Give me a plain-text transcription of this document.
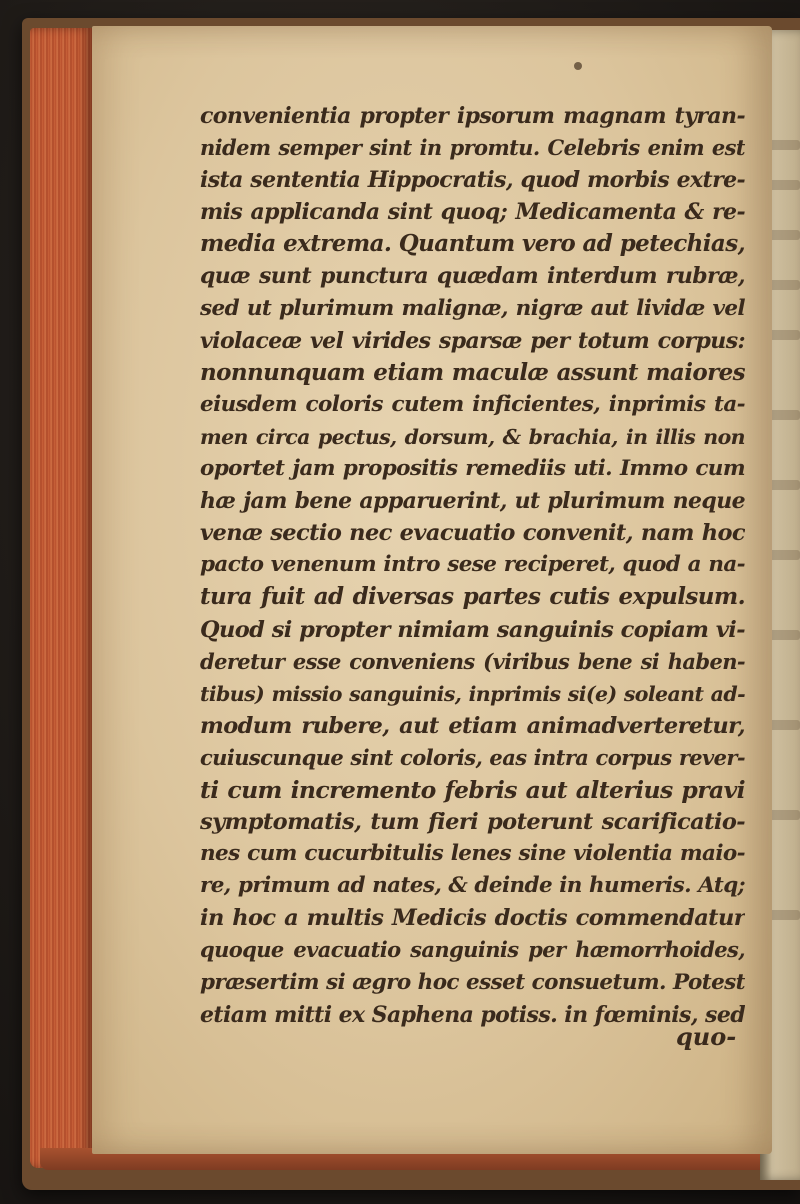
convenientia propter ipsorum magnam tyran-
nidem semper sint in promtu. Celebris enim est
ista sententia Hippocratis, quod morbis extre-
mis applicanda sint quoq; Medicamenta & re-
media extrema. Quantum vero ad petechias,
quæ sunt punctura quædam interdum rubræ,
sed ut plurimum malignæ, nigræ aut lividæ vel
violaceæ vel virides sparsæ per totum corpus:
nonnunquam etiam maculæ assunt maiores
eiusdem coloris cutem inficientes, inprimis ta-
men circa pectus, dorsum, & brachia, in illis non
oportet jam propositis remediis uti. Immo cum
hæ jam bene apparuerint, ut plurimum neque
venæ sectio nec evacuatio convenit, nam hoc
pacto venenum intro sese reciperet, quod a na-
tura fuit ad diversas partes cutis expulsum.
Quod si propter nimiam sanguinis copiam vi-
deretur esse conveniens (viribus bene si haben-
tibus) missio sanguinis, inprimis si(e) soleant ad-
modum rubere, aut etiam animadverteretur,
cuiuscunque sint coloris, eas intra corpus rever-
ti cum incremento febris aut alterius pravi
symptomatis, tum fieri poterunt scarificatio-
nes cum cucurbitulis lenes sine violentia maio-
re, primum ad nates, & deinde in humeris. Atq;
in hoc a multis Medicis doctis commendatur
quoque evacuatio sanguinis per hæmorrhoides,
præsertim si ægro hoc esset consuetum. Potest
etiam mitti ex Saphena potiss. in fœminis, sed
quo-
